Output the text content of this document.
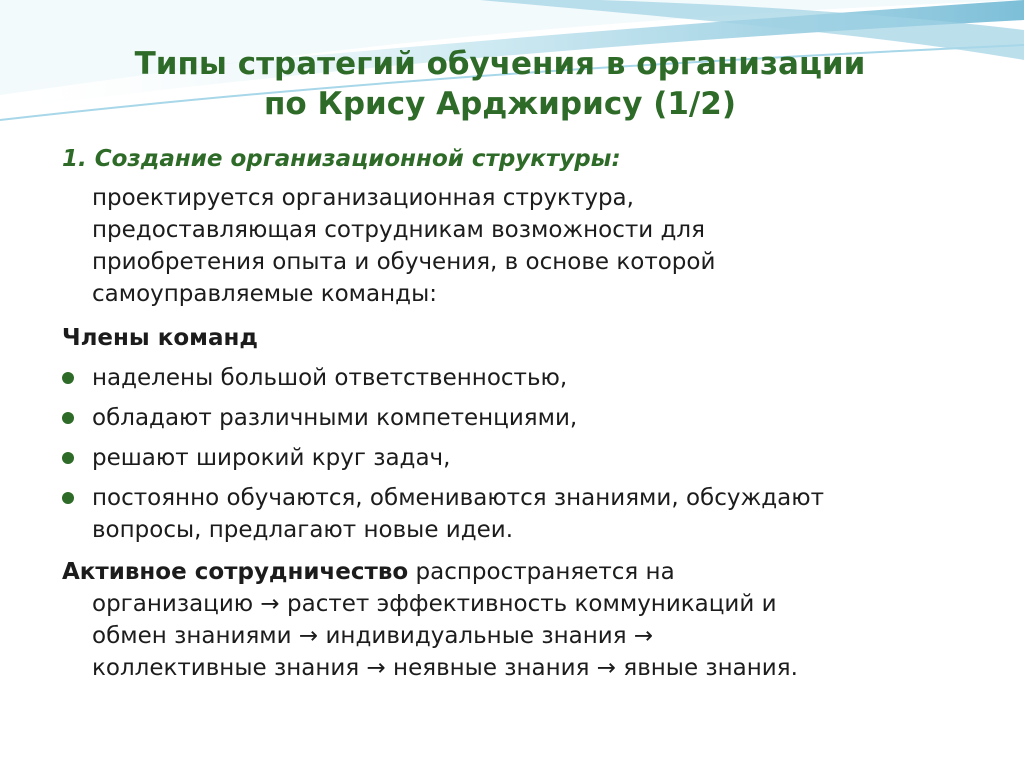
Типы стратегий обучения в организации
по Крису Арджирису (1/2)
1. Создание организационной структуры:
проектируется организационная структура,
предоставляющая сотрудникам возможности для
приобретения опыта и обучения, в основе которой
самоуправляемые команды:
Члены команд
наделены большой ответственностью,
обладают различными компетенциями,
решают широкий круг задач,
постоянно обучаются, обмениваются знаниями, обсуждают
вопросы, предлагают новые идеи.
Активное сотрудничество распространяется на
организацию → растет эффективность коммуникаций и
обмен знаниями → индивидуальные знания →
коллективные знания → неявные знания → явные знания.
